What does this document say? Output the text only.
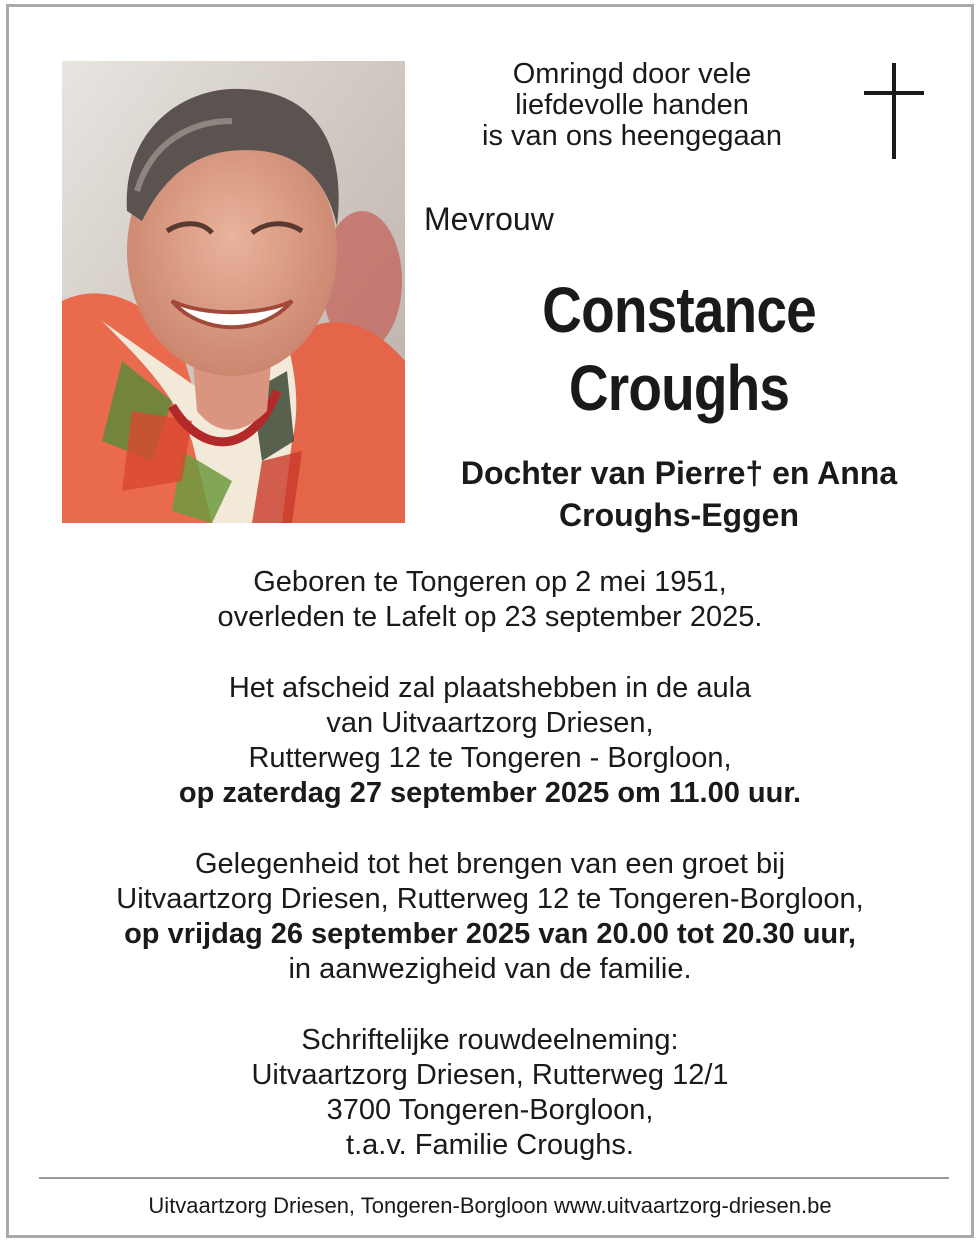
Omringd door vele
liefdevolle handen
is van ons heengegaan
Mevrouw
Constance
Croughs
Dochter van Pierre† en Anna
Croughs-Eggen
Geboren te Tongeren op 2 mei 1951,
overleden te Lafelt op 23 september 2025.
Het afscheid zal plaatshebben in de aula
van Uitvaartzorg Driesen,
Rutterweg 12 te Tongeren - Borgloon,
op zaterdag 27 september 2025 om 11.00 uur.
Gelegenheid tot het brengen van een groet bij
Uitvaartzorg Driesen, Rutterweg 12 te Tongeren-Borgloon,
op vrijdag 26 september 2025 van 20.00 tot 20.30 uur,
in aanwezigheid van de familie.
Schriftelijke rouwdeelneming:
Uitvaartzorg Driesen, Rutterweg 12/1
3700 Tongeren-Borgloon,
t.a.v. Familie Croughs.
Uitvaartzorg Driesen, Tongeren-Borgloon www.uitvaartzorg-driesen.be
